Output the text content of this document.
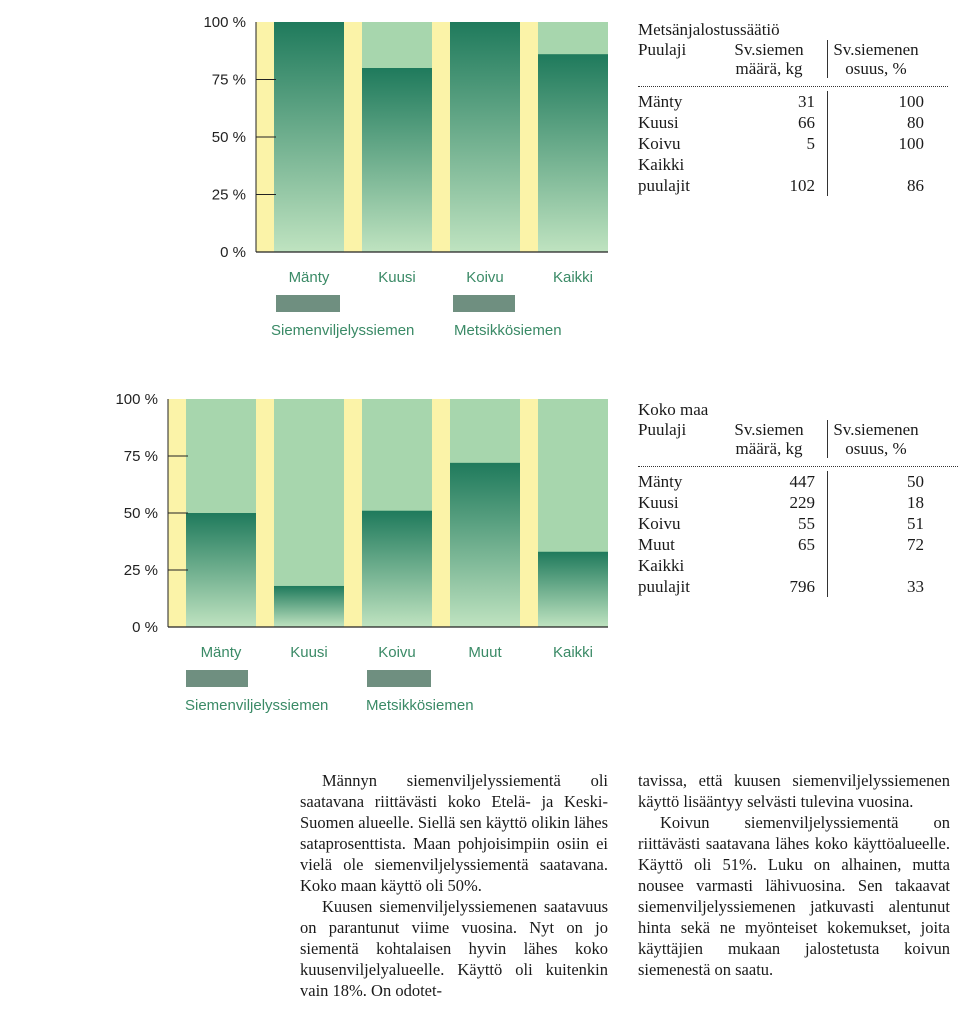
Mänty	Kuusi	Koivu	Kaikki
0 %
25 %
50 %
75 %
100 %
Siemenviljelyssiemen	Metsikkösiemen
Mänty	Kuusi	Koivu	Muut	Kaikki
0 %
25 %
50 %
75 %
100 %
Siemenviljelyssiemen	Metsikkösiemen
Metsänjalostussäätiö
Puulaji	Sv.siemen
määrä, kg
Sv.siemenen
osuus, %
Mänty	31	100
Kuusi	66	80
Koivu	5	100
Kaikki
puulajit	102	86
Koko maa
Puulaji	Sv.siemen
määrä, kg
Sv.siemenen
osuus, %
Mänty	447	50
Kuusi	229	18
Koivu	55	51
Muut	65	72
Kaikki
puulajit	796	33

Männyn siemenviljelyssiementä oli saatavana riittävästi koko Etelä- ja Keski-Suomen alueelle. Siellä sen käyttö olikin lähes sataprosenttista. Maan pohjoisimpiin osiin ei vielä ole siemenviljelyssiementä saatavana. Koko maan käyttö oli 50%.

Kuusen siemenviljelyssiemenen saatavuus on parantunut viime vuosina. Nyt on jo siementä kohtalaisen hyvin lähes koko kuusenviljelyalueelle. Käyttö oli kuitenkin vain 18%. On odotet-

tavissa, että kuusen siemenviljelyssiemenen käyttö lisääntyy selvästi tulevina vuosina.

Koivun siemenviljelyssiementä on riittävästi saatavana lähes koko käyttöalueelle. Käyttö oli 51%. Luku on alhainen, mutta nousee varmasti lähivuosina. Sen takaavat siemenviljelyssiemenen jatkuvasti alentunut hinta sekä ne myönteiset kokemukset, joita käyttäjien mukaan jalostetusta koivun siemenestä on saatu.
